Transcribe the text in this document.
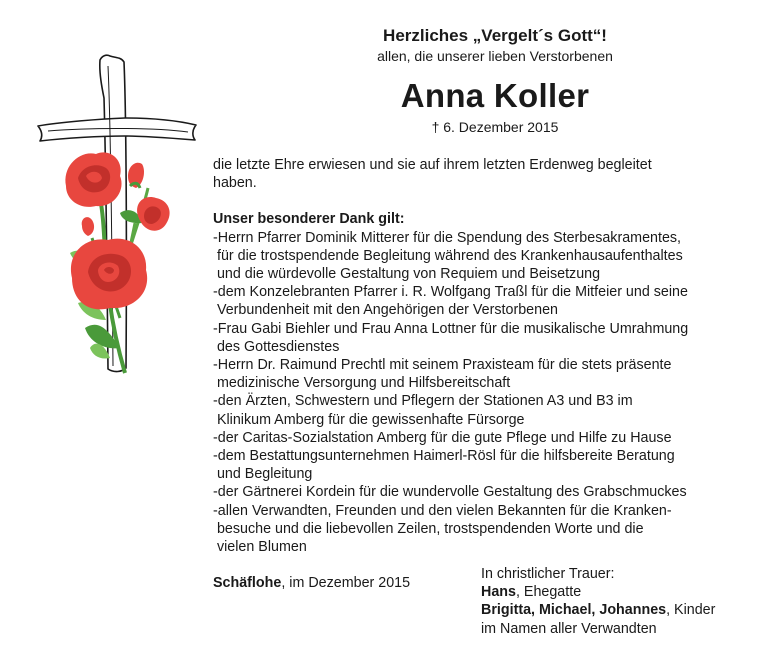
Herzliches „Vergelt´s Gott“!

allen, die unserer lieben Verstorbenen

Anna Koller

† 6. Dezember 2015

die letzte Ehre erwiesen und sie auf ihrem letzten Erdenweg begleitet
haben.

Unser besonderer Dank gilt:

-Herrn Pfarrer Dominik Mitterer für die Spendung des Sterbesakramentes,
für die trostspendende Begleitung während des Krankenhausaufenthaltes
und die würdevolle Gestaltung von Requiem und Beisetzung
-dem Konzelebranten Pfarrer i. R. Wolfgang Traßl für die Mitfeier und seine
Verbundenheit mit den Angehörigen der Verstorbenen
-Frau Gabi Biehler und Frau Anna Lottner für die musikalische Umrahmung
des Gottesdienstes
-Herrn Dr. Raimund Prechtl mit seinem Praxisteam für die stets präsente
medizinische Versorgung und Hilfsbereitschaft
-den Ärzten, Schwestern und Pflegern der Stationen A3 und B3 im
Klinikum Amberg für die gewissenhafte Fürsorge
-der Caritas-Sozialstation Amberg für die gute Pflege und Hilfe zu Hause
-dem Bestattungsunternehmen Haimerl-Rösl für die hilfsbereite Beratung
und Begleitung
-der Gärtnerei Kordein für die wundervolle Gestaltung des Grabschmuckes
-allen Verwandten, Freunden und den vielen Bekannten für die Kranken-
besuche und die liebevollen Zeilen, trostspendenden Worte und die
vielen Blumen

Schäflohe, im Dezember 2015

In christlicher Trauer:

Hans, Ehegatte

Brigitta, Michael, Johannes, Kinder

im Namen aller Verwandten
